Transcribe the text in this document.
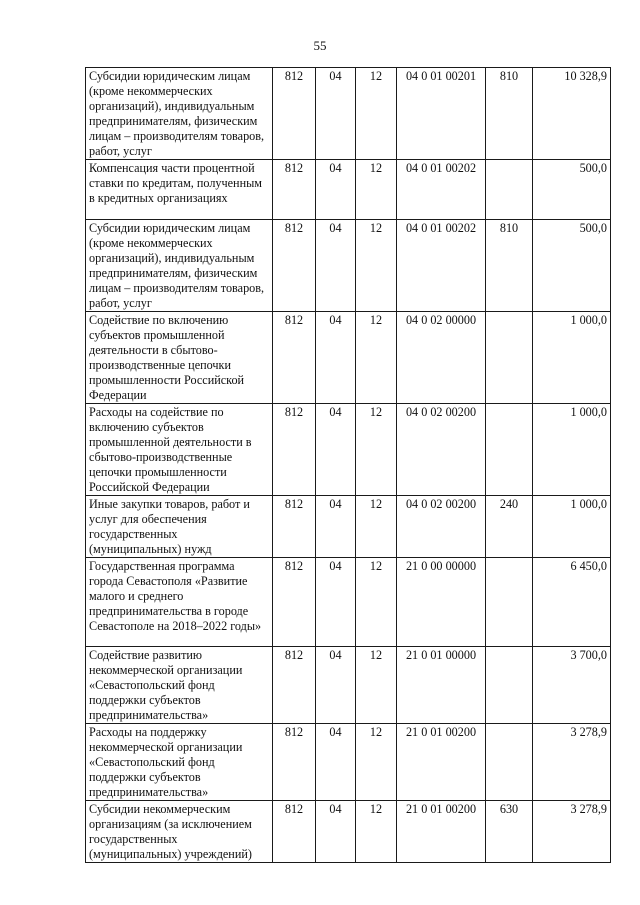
55
Субсидии юридическим лицам (кроме некоммерческих организаций), индивидуальным предпринимателям, физическим лицам – производителям товаров, работ, услуг	812	04	12	04 0 01 00201	810	10 328,9
Компенсация части процентной ставки по кредитам, полученным в кредитных организациях	812	04	12	04 0 01 00202		500,0
Субсидии юридическим лицам (кроме некоммерческих организаций), индивидуальным предпринимателям, физическим лицам – производителям товаров, работ, услуг	812	04	12	04 0 01 00202	810	500,0
Содействие по включению субъектов промышленной деятельности в сбытово-производственные цепочки промышленности Российской Федерации	812	04	12	04 0 02 00000		1 000,0
Расходы на содействие по включению субъектов промышленной деятельности в сбытово-производственные цепочки промышленности Российской Федерации	812	04	12	04 0 02 00200		1 000,0
Иные закупки товаров, работ и услуг для обеспечения государственных (муниципальных) нужд	812	04	12	04 0 02 00200	240	1 000,0
Государственная программа города Севастополя «Развитие малого и среднего предпринимательства в городе Севастополе на 2018–2022 годы»	812	04	12	21 0 00 00000		6 450,0
Содействие развитию некоммерческой организации «Севастопольский фонд поддержки субъектов предпринимательства»	812	04	12	21 0 01 00000		3 700,0
Расходы на поддержку некоммерческой организации «Севастопольский фонд поддержки субъектов предпринимательства»	812	04	12	21 0 01 00200		3 278,9
Субсидии некоммерческим организациям (за исключением государственных (муниципальных) учреждений)	812	04	12	21 0 01 00200	630	3 278,9
